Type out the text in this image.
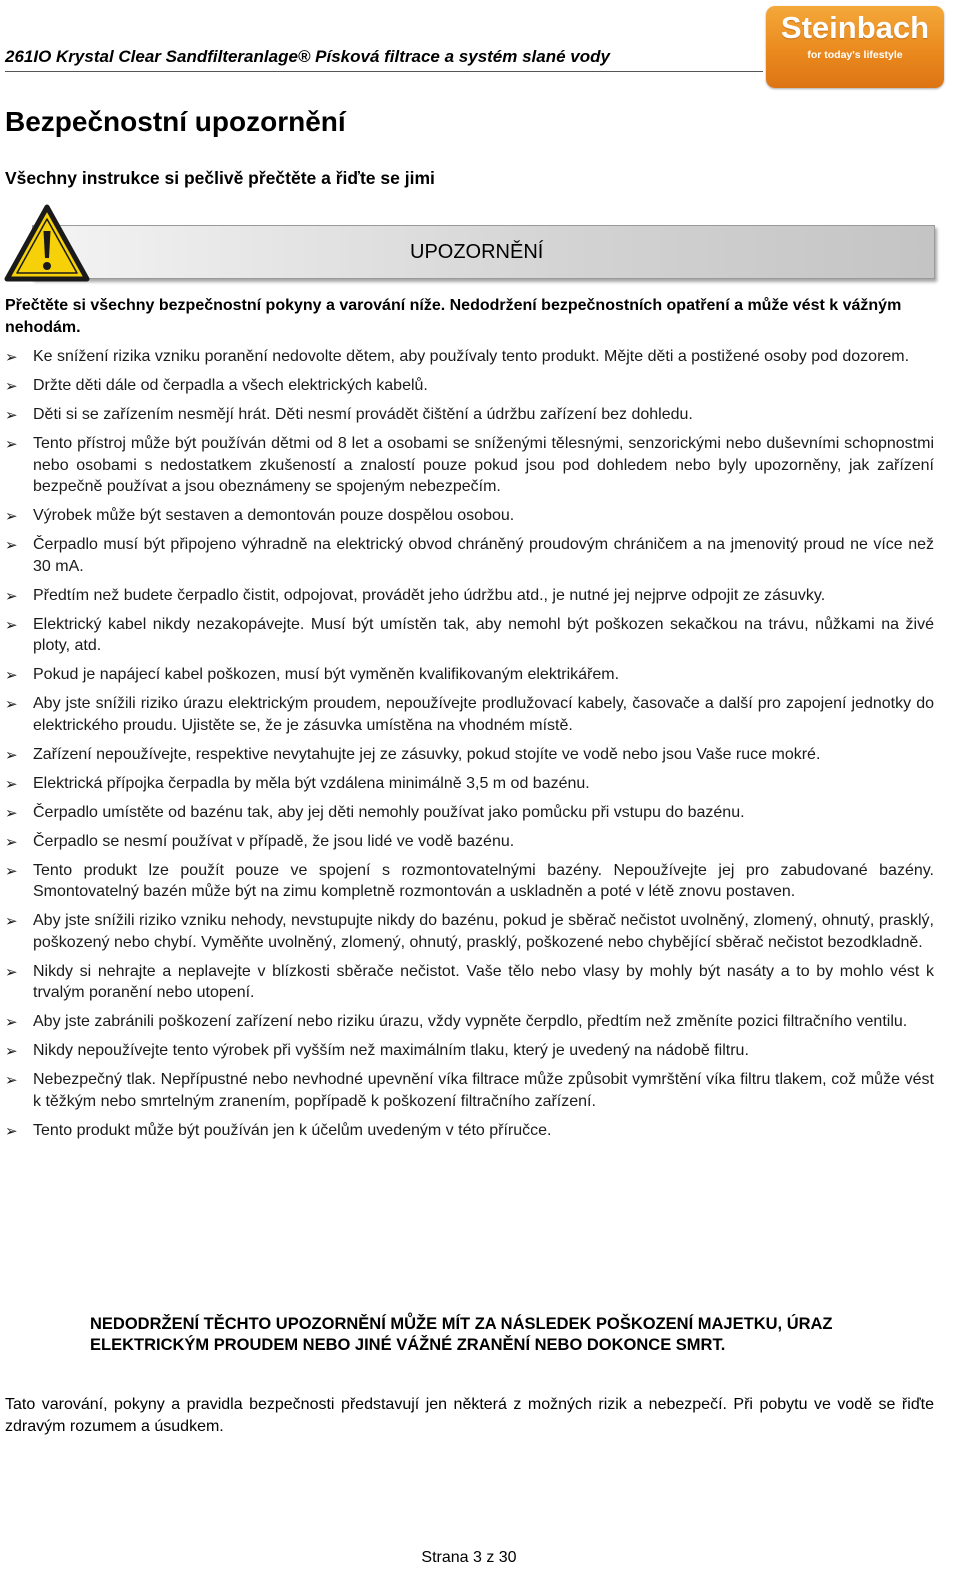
261IO Krystal Clear Sandfilteranlage® Písková filtrace a systém slané vody
Steinbach
for today's lifestyle
Bezpečnostní upozornění
Všechny instrukce si pečlivě přečtěte a řiďte se jimi
UPOZORNĚNÍ
Přečtěte si všechny bezpečnostní pokyny a varování níže. Nedodržení bezpečnostních opatření a může vést k vážným nehodám.
➢ Ke snížení rizika vzniku poranění nedovolte dětem, aby používaly tento produkt. Mějte děti a postižené osoby pod dozorem.
➢ Držte děti dále od čerpadla a všech elektrických kabelů.
➢ Děti si se zařízením nesmějí hrát. Děti nesmí provádět čištění a údržbu zařízení bez dohledu.
➢ Tento přístroj může být používán dětmi od 8 let a osobami se sníženými tělesnými, senzorickými nebo duševními schopnostmi nebo osobami s nedostatkem zkušeností a znalostí pouze pokud jsou pod dohledem nebo byly upozorněny, jak zařízení bezpečně používat a jsou obeznámeny se spojeným nebezpečím.
➢ Výrobek může být sestaven a demontován pouze dospělou osobou.
➢ Čerpadlo musí být připojeno výhradně na elektrický obvod chráněný proudovým chráničem a na jmenovitý proud ne více než 30 mA.
➢ Předtím než budete čerpadlo čistit, odpojovat, provádět jeho údržbu atd., je nutné jej nejprve odpojit ze zásuvky.
➢ Elektrický kabel nikdy nezakopávejte. Musí být umístěn tak, aby nemohl být poškozen sekačkou na trávu, nůžkami na živé ploty, atd.
➢ Pokud je napájecí kabel poškozen, musí být vyměněn kvalifikovaným elektrikářem.
➢ Aby jste snížili riziko úrazu elektrickým proudem, nepoužívejte prodlužovací kabely, časovače a další pro zapojení jednotky do elektrického proudu. Ujistěte se, že je zásuvka umístěna na vhodném místě.
➢ Zařízení nepoužívejte, respektive nevytahujte jej ze zásuvky, pokud stojíte ve vodě nebo jsou Vaše ruce mokré.
➢ Elektrická přípojka čerpadla by měla být vzdálena minimálně 3,5 m od bazénu.
➢ Čerpadlo umístěte od bazénu tak, aby jej děti nemohly používat jako pomůcku při vstupu do bazénu.
➢ Čerpadlo se nesmí používat v případě, že jsou lidé ve vodě bazénu.
➢ Tento produkt lze použít pouze ve spojení s rozmontovatelnými bazény. Nepoužívejte jej pro zabudované bazény. Smontovatelný bazén může být na zimu kompletně rozmontován a uskladněn a poté v létě znovu postaven.
➢ Aby jste snížili riziko vzniku nehody, nevstupujte nikdy do bazénu, pokud je sběrač nečistot uvolněný, zlomený, ohnutý, prasklý, poškozený nebo chybí. Vyměňte uvolněný, zlomený, ohnutý, prasklý, poškozené nebo chybějící sběrač nečistot bezodkladně.
➢ Nikdy si nehrajte a neplavejte v blízkosti sběrače nečistot. Vaše tělo nebo vlasy by mohly být nasáty a to by mohlo vést k trvalým poranění nebo utopení.
➢ Aby jste zabránili poškození zařízení nebo riziku úrazu, vždy vypněte čerpdlo, předtím než změníte pozici filtračního ventilu.
➢ Nikdy nepoužívejte tento výrobek při vyšším než maximálním tlaku, který je uvedený na nádobě filtru.
➢ Nebezpečný tlak. Nepřípustné nebo nevhodné upevnění víka filtrace může způsobit vymrštění víka filtru tlakem, což může vést k těžkým nebo smrtelným zranením, popřípadě k poškození filtračního zařízení.
➢ Tento produkt může být používán jen k účelům uvedeným v této příručce.
NEDODRŽENÍ TĚCHTO UPOZORNĚNÍ MŮŽE MÍT ZA NÁSLEDEK POŠKOZENÍ MAJETKU, ÚRAZ ELEKTRICKÝM PROUDEM NEBO JINÉ VÁŽNÉ ZRANĚNÍ NEBO DOKONCE SMRT.
Tato varování, pokyny a pravidla bezpečnosti představují jen některá z možných rizik a nebezpečí. Při pobytu ve vodě se řiďte zdravým rozumem a úsudkem.
Strana 3 z 30
